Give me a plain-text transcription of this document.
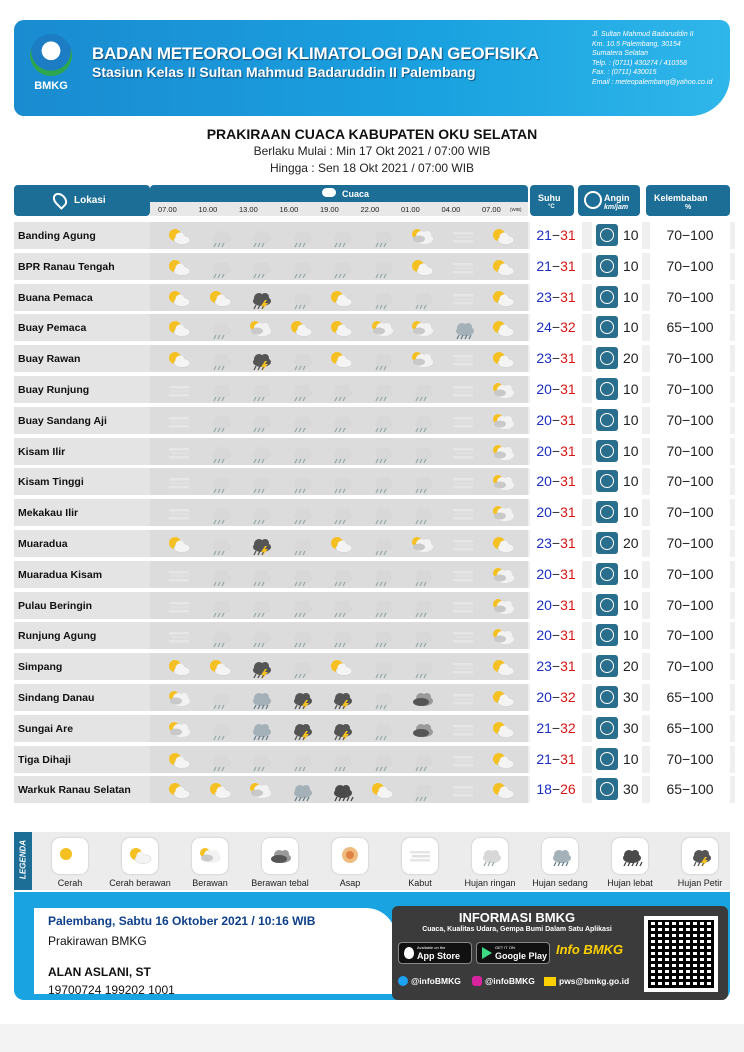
BMKG
BADAN METEOROLOGI KLIMATOLOGI DAN GEOFISIKA
Stasiun Kelas II Sultan Mahmud Badaruddin II Palembang
Jl. Sultan Mahmud Badaruddin II
Km. 10.5 Palembang, 30154
Sumatera Selatan
Telp. : (0711) 430274 / 410358
Fax. : (0711) 430015
Email : meteopalembang@yahoo.co.id
PRAKIRAAN CUACA KABUPATEN OKU SELATAN
Berlaku Mulai : Min 17 Okt 2021 / 07:00 WIB
Hingga : Sen 18 Okt 2021 / 07:00 WIB
Lokasi
Cuaca
07.00	10.00	13.00	16.00	19.00	22.00	01.00	04.00	07.00 (WIB)
Suhu
°C
Angin
km/jam
Kelembaban
%
Banding Agung	21−31	10	70−100
BPR Ranau Tengah	21−31	10	70−100
Buana Pemaca	23−31	10	70−100
Buay Pemaca	24−32	10	65−100
Buay Rawan	23−31	20	70−100
Buay Runjung	20−31	10	70−100
Buay Sandang Aji	20−31	10	70−100
Kisam Ilir	20−31	10	70−100
Kisam Tinggi	20−31	10	70−100
Mekakau Ilir	20−31	10	70−100
Muaradua	23−31	20	70−100
Muaradua Kisam	20−31	10	70−100
Pulau Beringin	20−31	10	70−100
Runjung Agung	20−31	10	70−100
Simpang	23−31	20	70−100
Sindang Danau	20−32	30	65−100
Sungai Are	21−32	30	65−100
Tiga Dihaji	21−31	10	70−100
Warkuk Ranau Selatan	18−26	30	65−100
LEGENDA
Cerah	Cerah berawan	Berawan	Berawan tebal	Asap	Kabut	Hujan ringan	Hujan sedang	Hujan lebat	Hujan Petir
Palembang, Sabtu 16 Oktober 2021 / 10:16 WIB
Prakirawan BMKG
ALAN ASLANI, ST
19700724 199202 1001
INFORMASI BMKG
Cuaca, Kualitas Udara, Gempa Bumi Dalam Satu Aplikasi
Available on the
App Store
GET IT ON
Google Play Info BMKG
@infoBMKG	@infoBMKG	pws@bmkg.go.id
